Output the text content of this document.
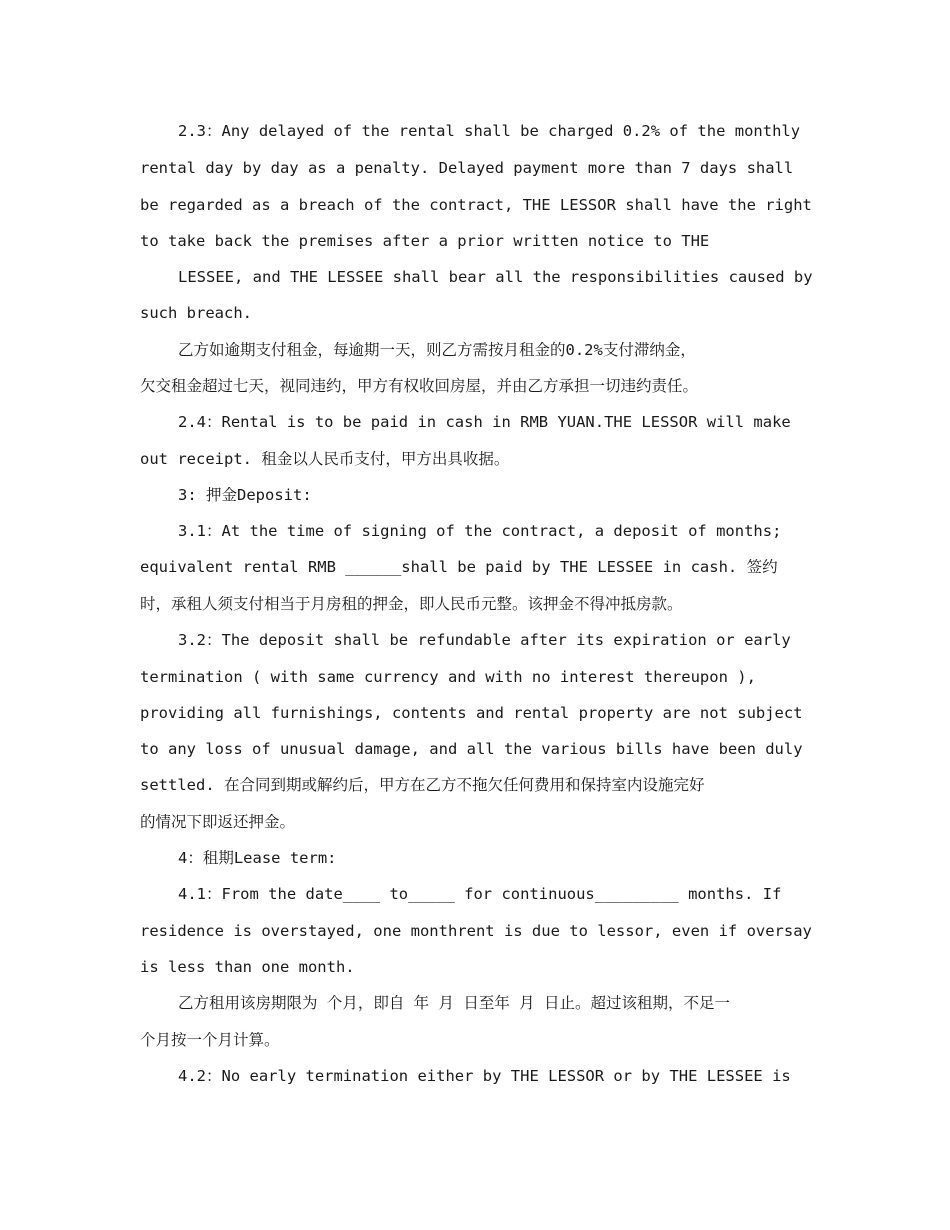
2.3：Any delayed of the rental shall be charged 0.2% of the monthly
rental day by day as a penalty. Delayed payment more than 7 days shall
be regarded as a breach of the contract, THE LESSOR shall have the right
to take back the premises after a prior written notice to THE
LESSEE, and THE LESSEE shall bear all the responsibilities caused by
such breach.
乙方如逾期支付租金，每逾期一天，则乙方需按月租金的0.2%支付滞纳金，
欠交租金超过七天，视同违约，甲方有权收回房屋，并由乙方承担一切违约责任。
2.4：Rental is to be paid in cash in RMB YUAN.THE LESSOR will make
out receipt. 租金以人民币支付，甲方出具收据。
3: 押金Deposit:
3.1：At the time of signing of the contract, a deposit of months;
equivalent rental RMB ______shall be paid by THE LESSEE in cash. 签约
时，承租人须支付相当于月房租的押金，即人民币元整。该押金不得冲抵房款。
3.2：The deposit shall be refundable after its expiration or early
termination ( with same currency and with no interest thereupon ),
providing all furnishings, contents and rental property are not subject
to any loss of unusual damage, and all the various bills have been duly
settled. 在合同到期或解约后，甲方在乙方不拖欠任何费用和保持室内设施完好
的情况下即返还押金。
4：租期Lease term:
4.1：From the date____ to_____ for continuous_________ months. If
residence is overstayed, one monthrent is due to lessor, even if oversay
is less than one month.
乙方租用该房期限为 个月，即自 年 月 日至年 月 日止。超过该租期，不足一
个月按一个月计算。
4.2：No early termination either by THE LESSOR or by THE LESSEE is
